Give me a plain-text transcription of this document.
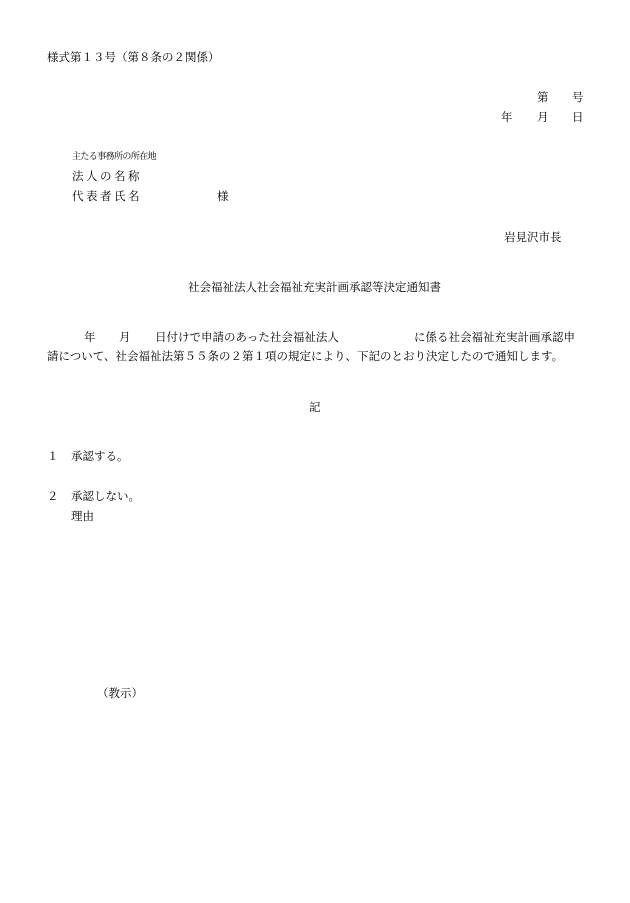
様式第１３号（第８条の２関係）
第 号
年 月 日
主たる事務所の所在地
法人の名称
代表者氏名	様
岩見沢市長
社会福祉法人社会福祉充実計画承認等決定通知書
年 月 日付けで申請のあった社会福祉法人	に係る社会福祉充実計画承認申
請について、社会福祉法第５５条の２第１項の規定により、下記のとおり決定したので通知します。
記
１ 承認する。
２ 承認しない。
理由
（教示）
